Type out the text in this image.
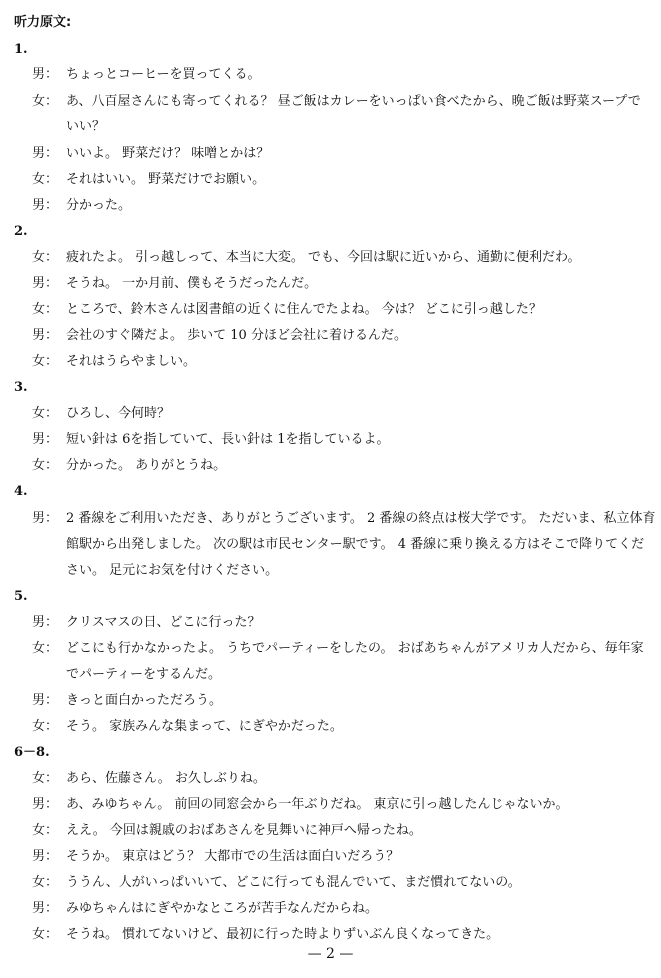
听力原文:
1.
男： ちょっとコーヒーを買ってくる。
女： あ、八百屋さんにも寄ってくれる？ 昼ご飯はカレーをいっぱい食べたから、晩ご飯は野菜スープで
いい？
男： いいよ。 野菜だけ？ 味噌とかは？
女： それはいい。 野菜だけでお願い。
男： 分かった。
2.
女： 疲れたよ。 引っ越しって、本当に大変。 でも、今回は駅に近いから、通勤に便利だわ。
男： そうね。 一か月前、僕もそうだったんだ。
女： ところで、鈴木さんは図書館の近くに住んでたよね。 今は？ どこに引っ越した？
男： 会社のすぐ隣だよ。 歩いて 10 分ほど会社に着けるんだ。
女： それはうらやましい。
3.
女： ひろし、今何時？
男： 短い針は 6を指していて、長い針は 1を指しているよ。
女： 分かった。 ありがとうね。
4.
男： 2 番線をご利用いただき、ありがとうございます。 2 番線の終点は桜大学です。 ただいま、私立体育
館駅から出発しました。 次の駅は市民センター駅です。 4 番線に乗り換える方はそこで降りてくだ
さい。 足元にお気を付けください。
5.
男： クリスマスの日、どこに行った？
女： どこにも行かなかったよ。 うちでパーティーをしたの。 おばあちゃんがアメリカ人だから、毎年家
でパーティーをするんだ。
男： きっと面白かっただろう。
女： そう。 家族みんな集まって、にぎやかだった。
6－8.
女： あら、佐藤さん。 お久しぶりね。
男： あ、みゆちゃん。 前回の同窓会から一年ぶりだね。 東京に引っ越したんじゃないか。
女： ええ。 今回は親戚のおばあさんを見舞いに神戸へ帰ったね。
男： そうか。 東京はどう？ 大都市での生活は面白いだろう？
女： ううん、人がいっぱいいて、どこに行っても混んでいて、まだ慣れてないの。
男： みゆちゃんはにぎやかなところが苦手なんだからね。
女： そうね。 慣れてないけど、最初に行った時よりずいぶん良くなってきた。
— 2 —
